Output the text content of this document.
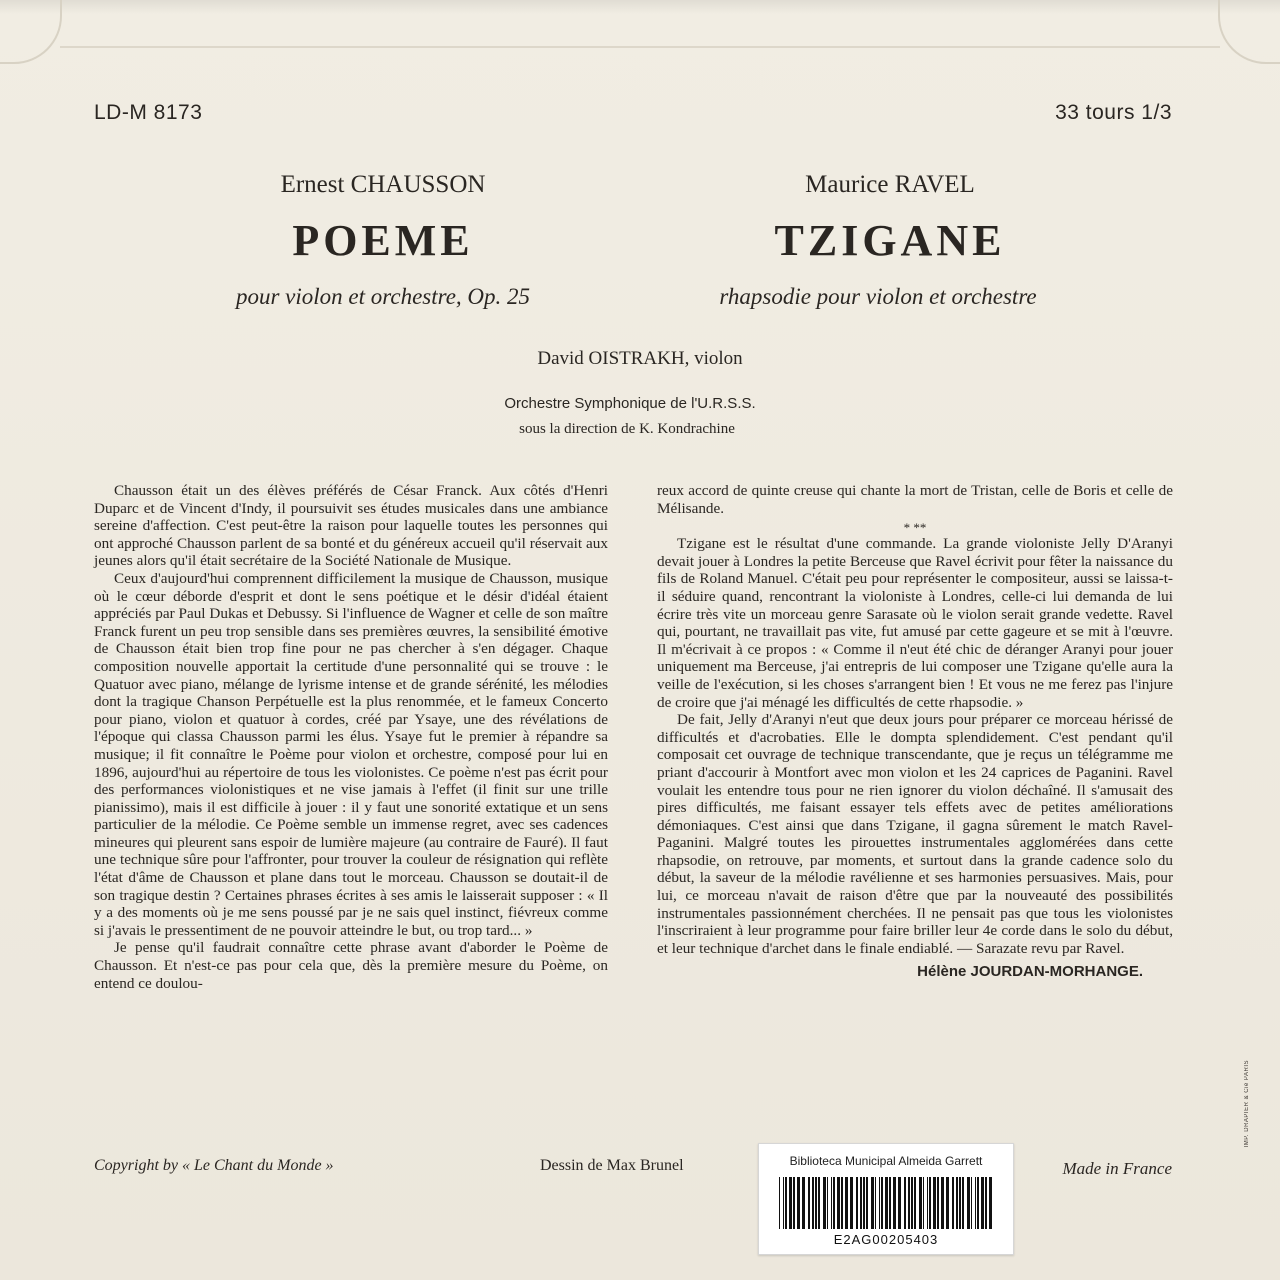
LD-M 8173	33 tours 1/3
Ernest CHAUSSON	Maurice RAVEL
POEME	TZIGANE
pour violon et orchestre, Op. 25	rhapsodie pour violon et orchestre
David OISTRAKH, violon
Orchestre Symphonique de l'U.R.S.S.
sous la direction de K. Kondrachine

Chausson était un des élèves préférés de César Franck. Aux côtés d'Henri Duparc et de Vincent d'Indy, il poursuivit ses études musicales dans une ambiance sereine d'affection. C'est peut-être la raison pour laquelle toutes les personnes qui ont approché Chausson parlent de sa bonté et du généreux accueil qu'il réservait aux jeunes alors qu'il était secrétaire de la Société Nationale de Musique.

Ceux d'aujourd'hui comprennent difficilement la musique de Chausson, musique où le cœur déborde d'esprit et dont le sens poétique et le désir d'idéal étaient appréciés par Paul Dukas et Debussy. Si l'influence de Wagner et celle de son maître Franck furent un peu trop sensible dans ses premières œuvres, la sensibilité émotive de Chausson était bien trop fine pour ne pas chercher à s'en dégager. Chaque composition nouvelle apportait la certitude d'une personnalité qui se trouve : le Quatuor avec piano, mélange de lyrisme intense et de grande sérénité, les mélodies dont la tragique Chanson Perpétuelle est la plus renommée, et le fameux Concerto pour piano, violon et quatuor à cordes, créé par Ysaye, une des révélations de l'époque qui classa Chausson parmi les élus. Ysaye fut le premier à répandre sa musique; il fit connaître le Poème pour violon et orchestre, composé pour lui en 1896, aujourd'hui au répertoire de tous les violonistes. Ce poème n'est pas écrit pour des performances violonistiques et ne vise jamais à l'effet (il finit sur une trille pianissimo), mais il est difficile à jouer : il y faut une sonorité extatique et un sens particulier de la mélodie. Ce Poème semble un immense regret, avec ses cadences mineures qui pleurent sans espoir de lumière majeure (au contraire de Fauré). Il faut une technique sûre pour l'affronter, pour trouver la couleur de résignation qui reflète l'état d'âme de Chausson et plane dans tout le morceau. Chausson se doutait-il de son tragique destin ? Certaines phrases écrites à ses amis le laisserait supposer : « Il y a des moments où je me sens poussé par je ne sais quel instinct, fiévreux comme si j'avais le pressentiment de ne pouvoir atteindre le but, ou trop tard... »

Je pense qu'il faudrait connaître cette phrase avant d'aborder le Poème de Chausson. Et n'est-ce pas pour cela que, dès la première mesure du Poème, on entend ce doulou-

reux accord de quinte creuse qui chante la mort de Tristan, celle de Boris et celle de Mélisande.

* **

Tzigane est le résultat d'une commande. La grande violoniste Jelly D'Aranyi devait jouer à Londres la petite Berceuse que Ravel écrivit pour fêter la naissance du fils de Roland Manuel. C'était peu pour représenter le compositeur, aussi se laissa-t-il séduire quand, rencontrant la violoniste à Londres, celle-ci lui demanda de lui écrire très vite un morceau genre Sarasate où le violon serait grande vedette. Ravel qui, pourtant, ne travaillait pas vite, fut amusé par cette gageure et se mit à l'œuvre. Il m'écrivait à ce propos : « Comme il n'eut été chic de déranger Aranyi pour jouer uniquement ma Berceuse, j'ai entrepris de lui composer une Tzigane qu'elle aura la veille de l'exécution, si les choses s'arrangent bien ! Et vous ne me ferez pas l'injure de croire que j'ai ménagé les difficultés de cette rhapsodie. »

De fait, Jelly d'Aranyi n'eut que deux jours pour préparer ce morceau hérissé de difficultés et d'acrobaties. Elle le dompta splendidement. C'est pendant qu'il composait cet ouvrage de technique transcendante, que je reçus un télégramme me priant d'accourir à Montfort avec mon violon et les 24 caprices de Paganini. Ravel voulait les entendre tous pour ne rien ignorer du violon déchaîné. Il s'amusait des pires difficultés, me faisant essayer tels effets avec de petites améliorations démoniaques. C'est ainsi que dans Tzigane, il gagna sûrement le match Ravel-Paganini. Malgré toutes les pirouettes instrumentales agglomérées dans cette rhapsodie, on retrouve, par moments, et surtout dans la grande cadence solo du début, la saveur de la mélodie ravélienne et ses harmonies persuasives. Mais, pour lui, ce morceau n'avait de raison d'être que par la nouveauté des possibilités instrumentales passionnément cherchées. Il ne pensait pas que tous les violonistes l'inscriraient à leur programme pour faire briller leur 4e corde dans le solo du début, et leur technique d'archet dans le finale endiablé. — Sarazate revu par Ravel.

Hélène JOURDAN-MORHANGE.
Copyright by « Le Chant du Monde »	Dessin de Max Brunel	Made in France
IMP. DRAPIER & Cie PARIS
Biblioteca Municipal Almeida Garrett
E2AG00205403
